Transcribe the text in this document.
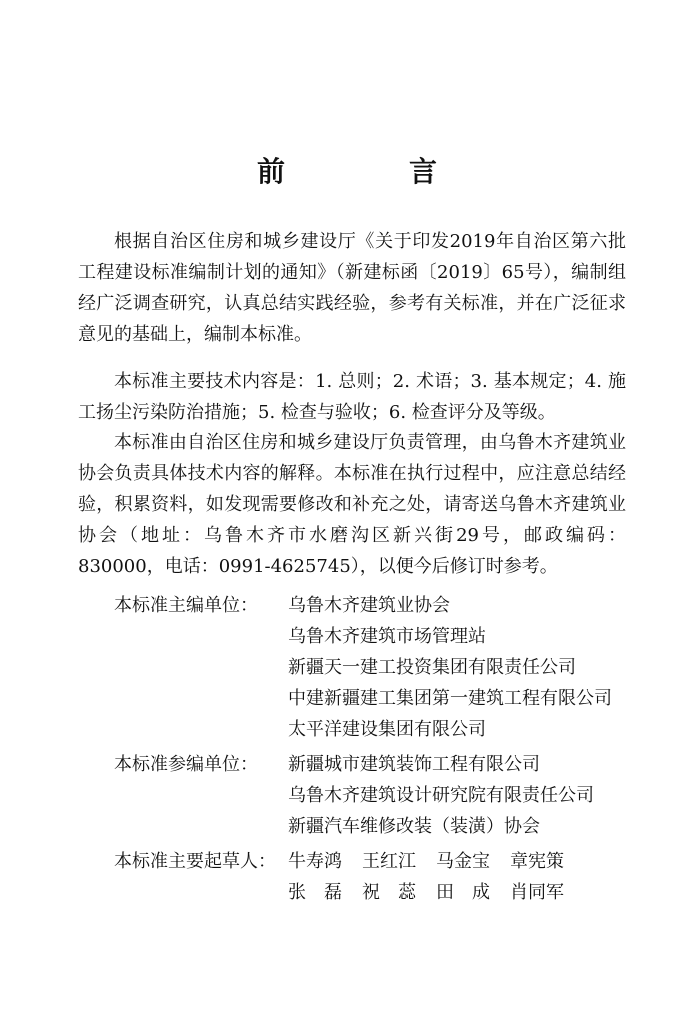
前　言

根据自治区住房和城乡建设厅《关于印发2019年自治区第六批工程建设标准编制计划的通知》（新建标函〔2019〕65号），编制组经广泛调查研究，认真总结实践经验，参考有关标准，并在广泛征求意见的基础上，编制本标准。

本标准主要技术内容是：1. 总则；2. 术语；3. 基本规定；4. 施工扬尘污染防治措施；5. 检查与验收；6. 检查评分及等级。

本标准由自治区住房和城乡建设厅负责管理，由乌鲁木齐建筑业协会负责具体技术内容的解释。本标准在执行过程中，应注意总结经验，积累资料，如发现需要修改和补充之处，请寄送乌鲁木齐建筑业协会（地址：乌鲁木齐市水磨沟区新兴街29号，邮政编码：830000，电话：0991-4625745），以便今后修订时参考。

本标准主编单位：	乌鲁木齐建筑业协会
乌鲁木齐建筑市场管理站
新疆天一建工投资集团有限责任公司
中建新疆建工集团第一建筑工程有限公司
太平洋建设集团有限公司
本标准参编单位：	新疆城市建筑装饰工程有限公司
乌鲁木齐建筑设计研究院有限责任公司
新疆汽车维修改装（装潢）协会
本标准主要起草人： 牛寿鸿 王红江 马金宝 章宪策
张　磊 祝　蕊 田　成 肖同军
